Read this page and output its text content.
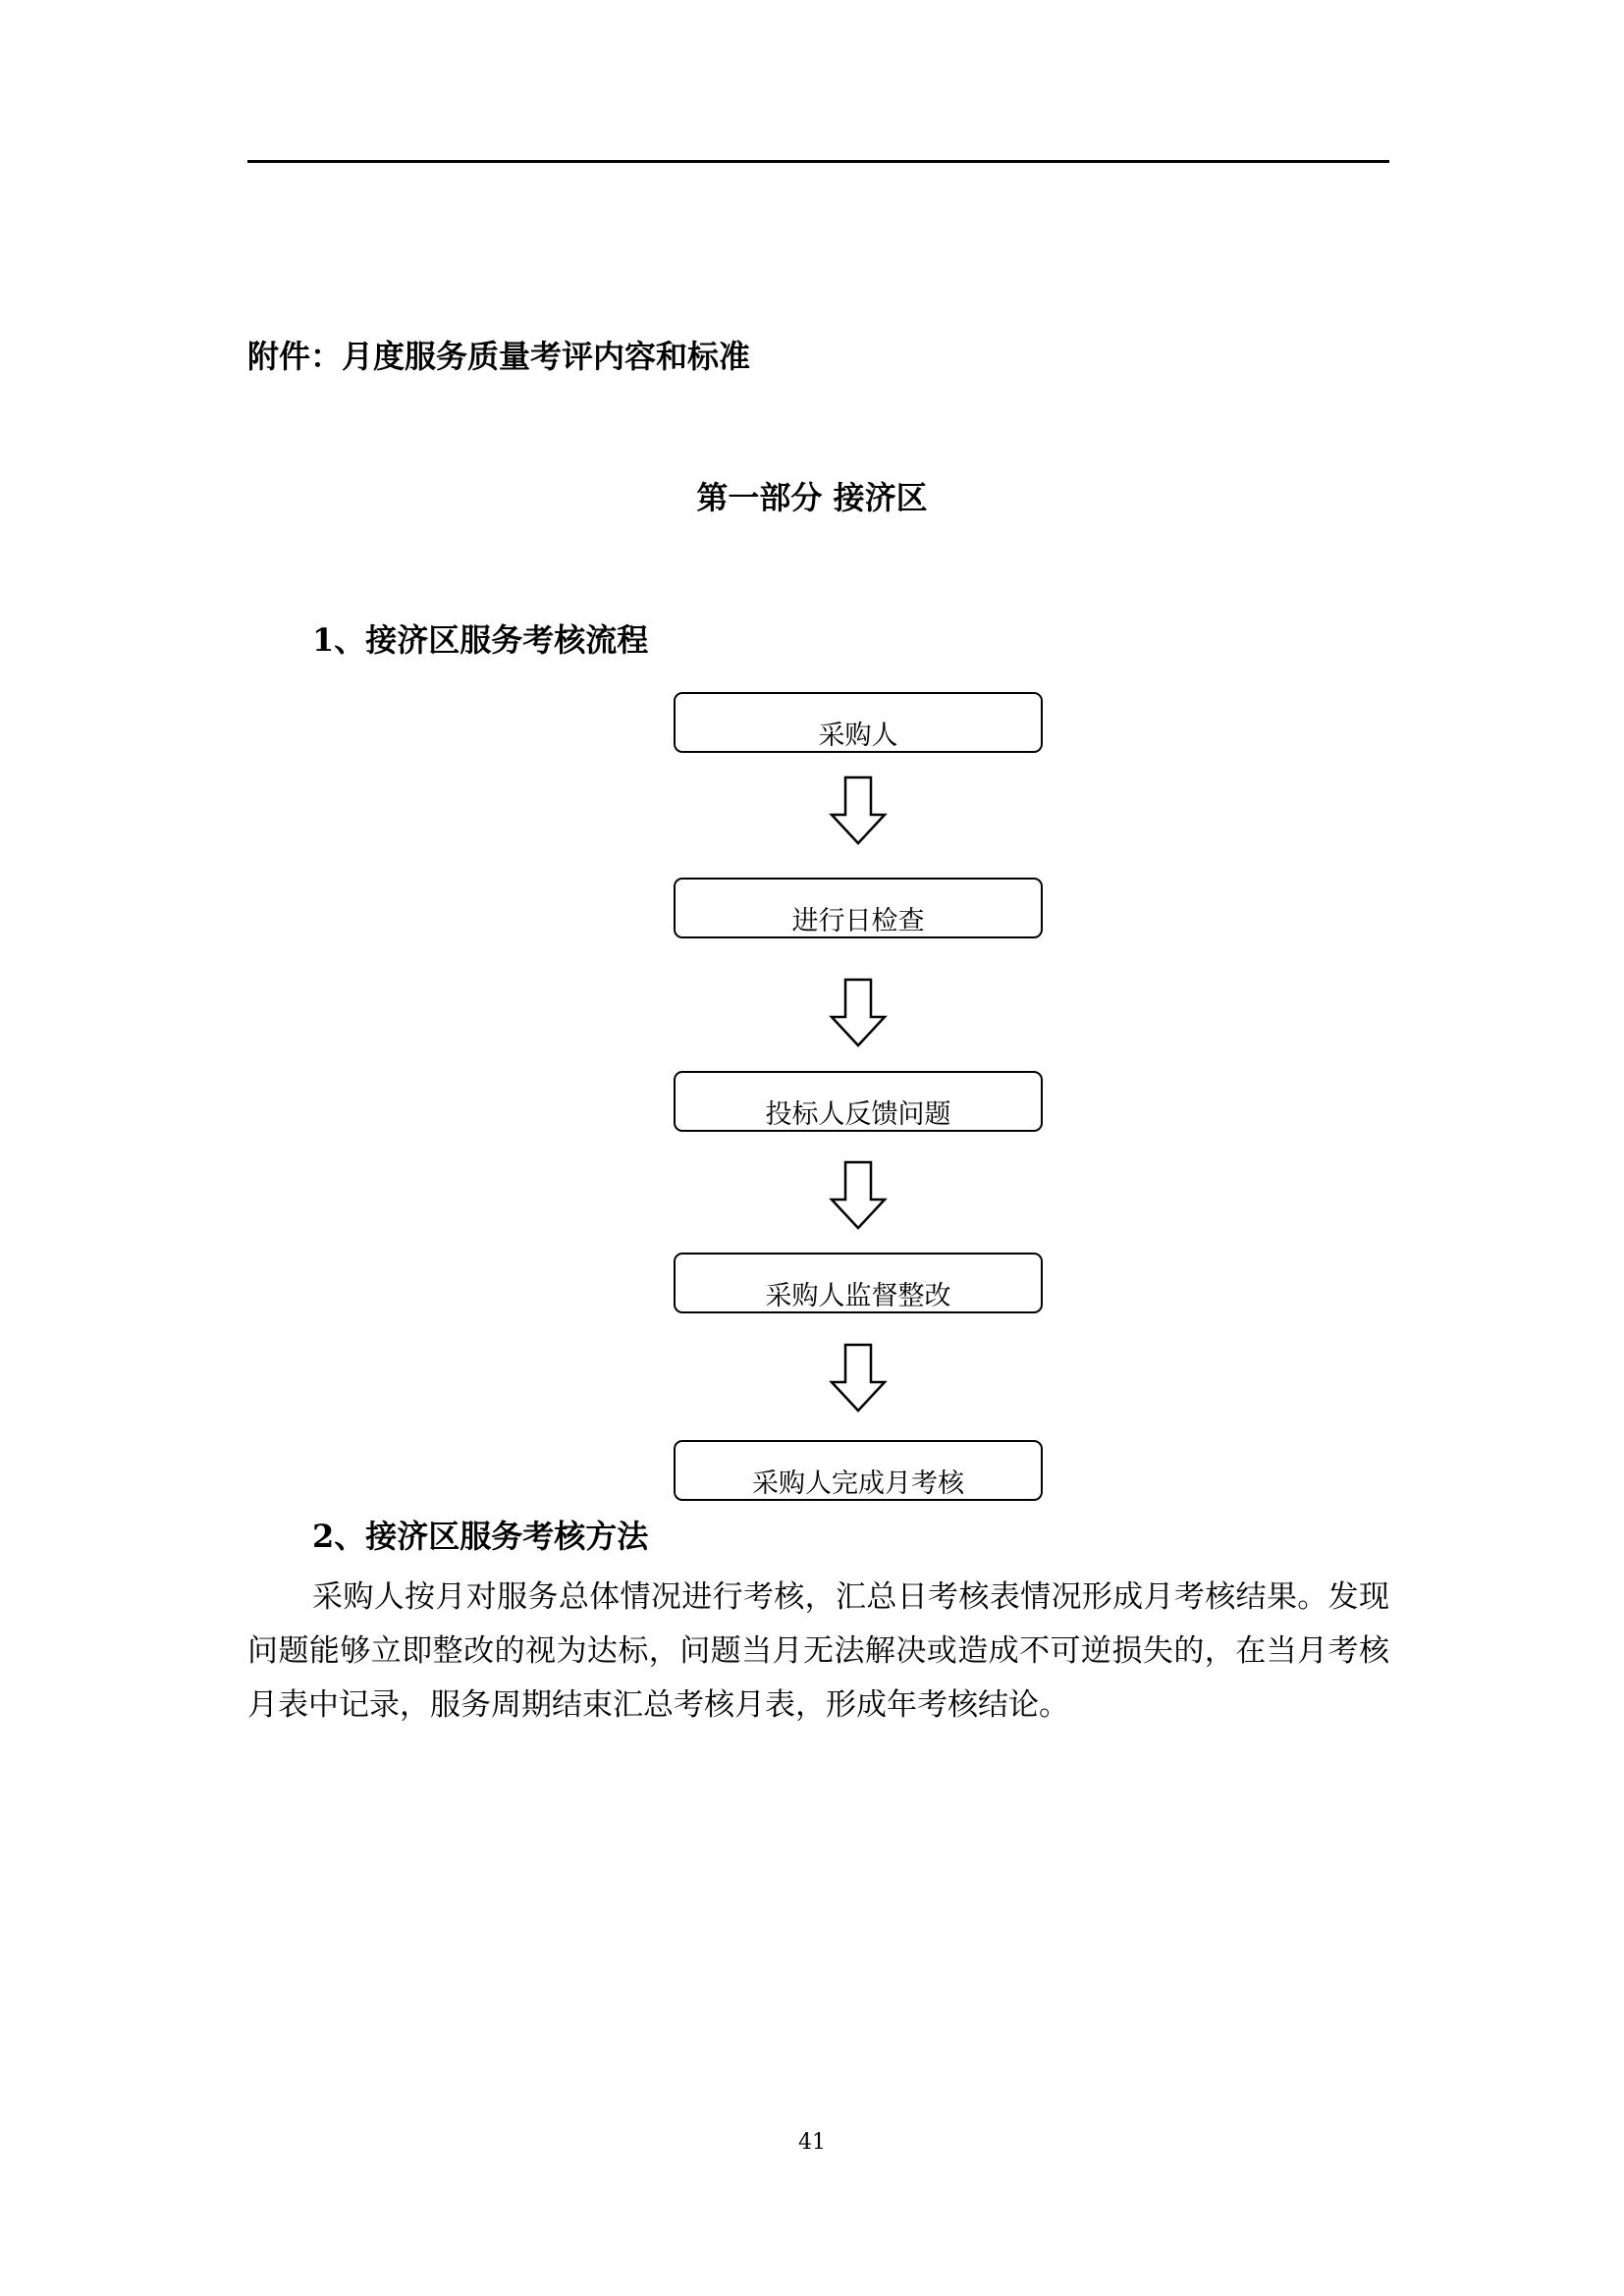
附件：月度服务质量考评内容和标准
第一部分 接济区
1、接济区服务考核流程
采购人
进行日检查
投标人反馈问题
采购人监督整改
采购人完成月考核
2、接济区服务考核方法
采购人按月对服务总体情况进行考核，汇总日考核表情况形成月考核结果。发现问题能够立即整改的视为达标，问题当月无法解决或造成不可逆损失的，在当月考核月表中记录，服务周期结束汇总考核月表，形成年考核结论。
41
